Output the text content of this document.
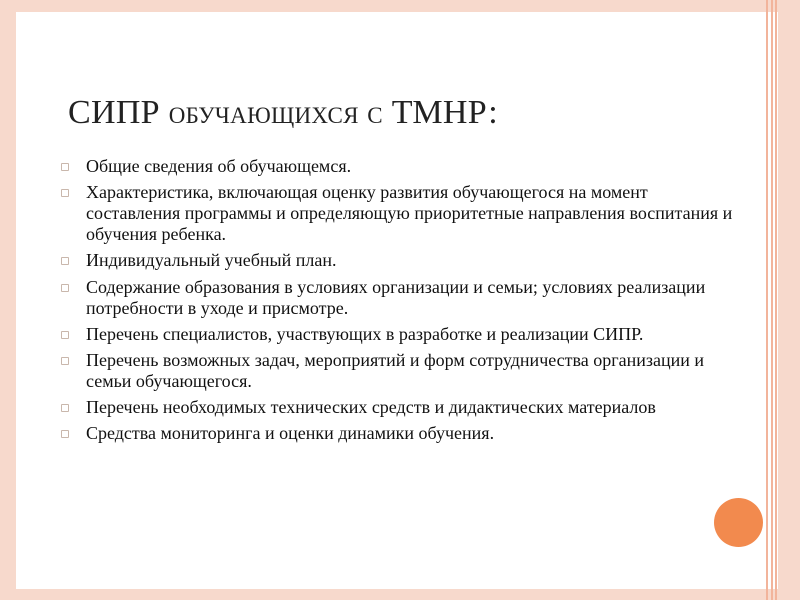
СИПР обучающихся с ТМНР:
Общие сведения об обучающемся.
Характеристика, включающая оценку развития обучающегося на момент составления программы и определяющую приоритетные направления воспитания и обучения ребенка.
Индивидуальный учебный план.
Содержание образования в условиях организации и семьи; условиях реализации потребности в уходе и присмотре.
Перечень специалистов, участвующих в разработке и реализации СИПР.
Перечень возможных задач, мероприятий и форм сотрудничества организации и семьи обучающегося.
Перечень необходимых технических средств и дидактических материалов
Средства мониторинга и оценки динамики обучения.
